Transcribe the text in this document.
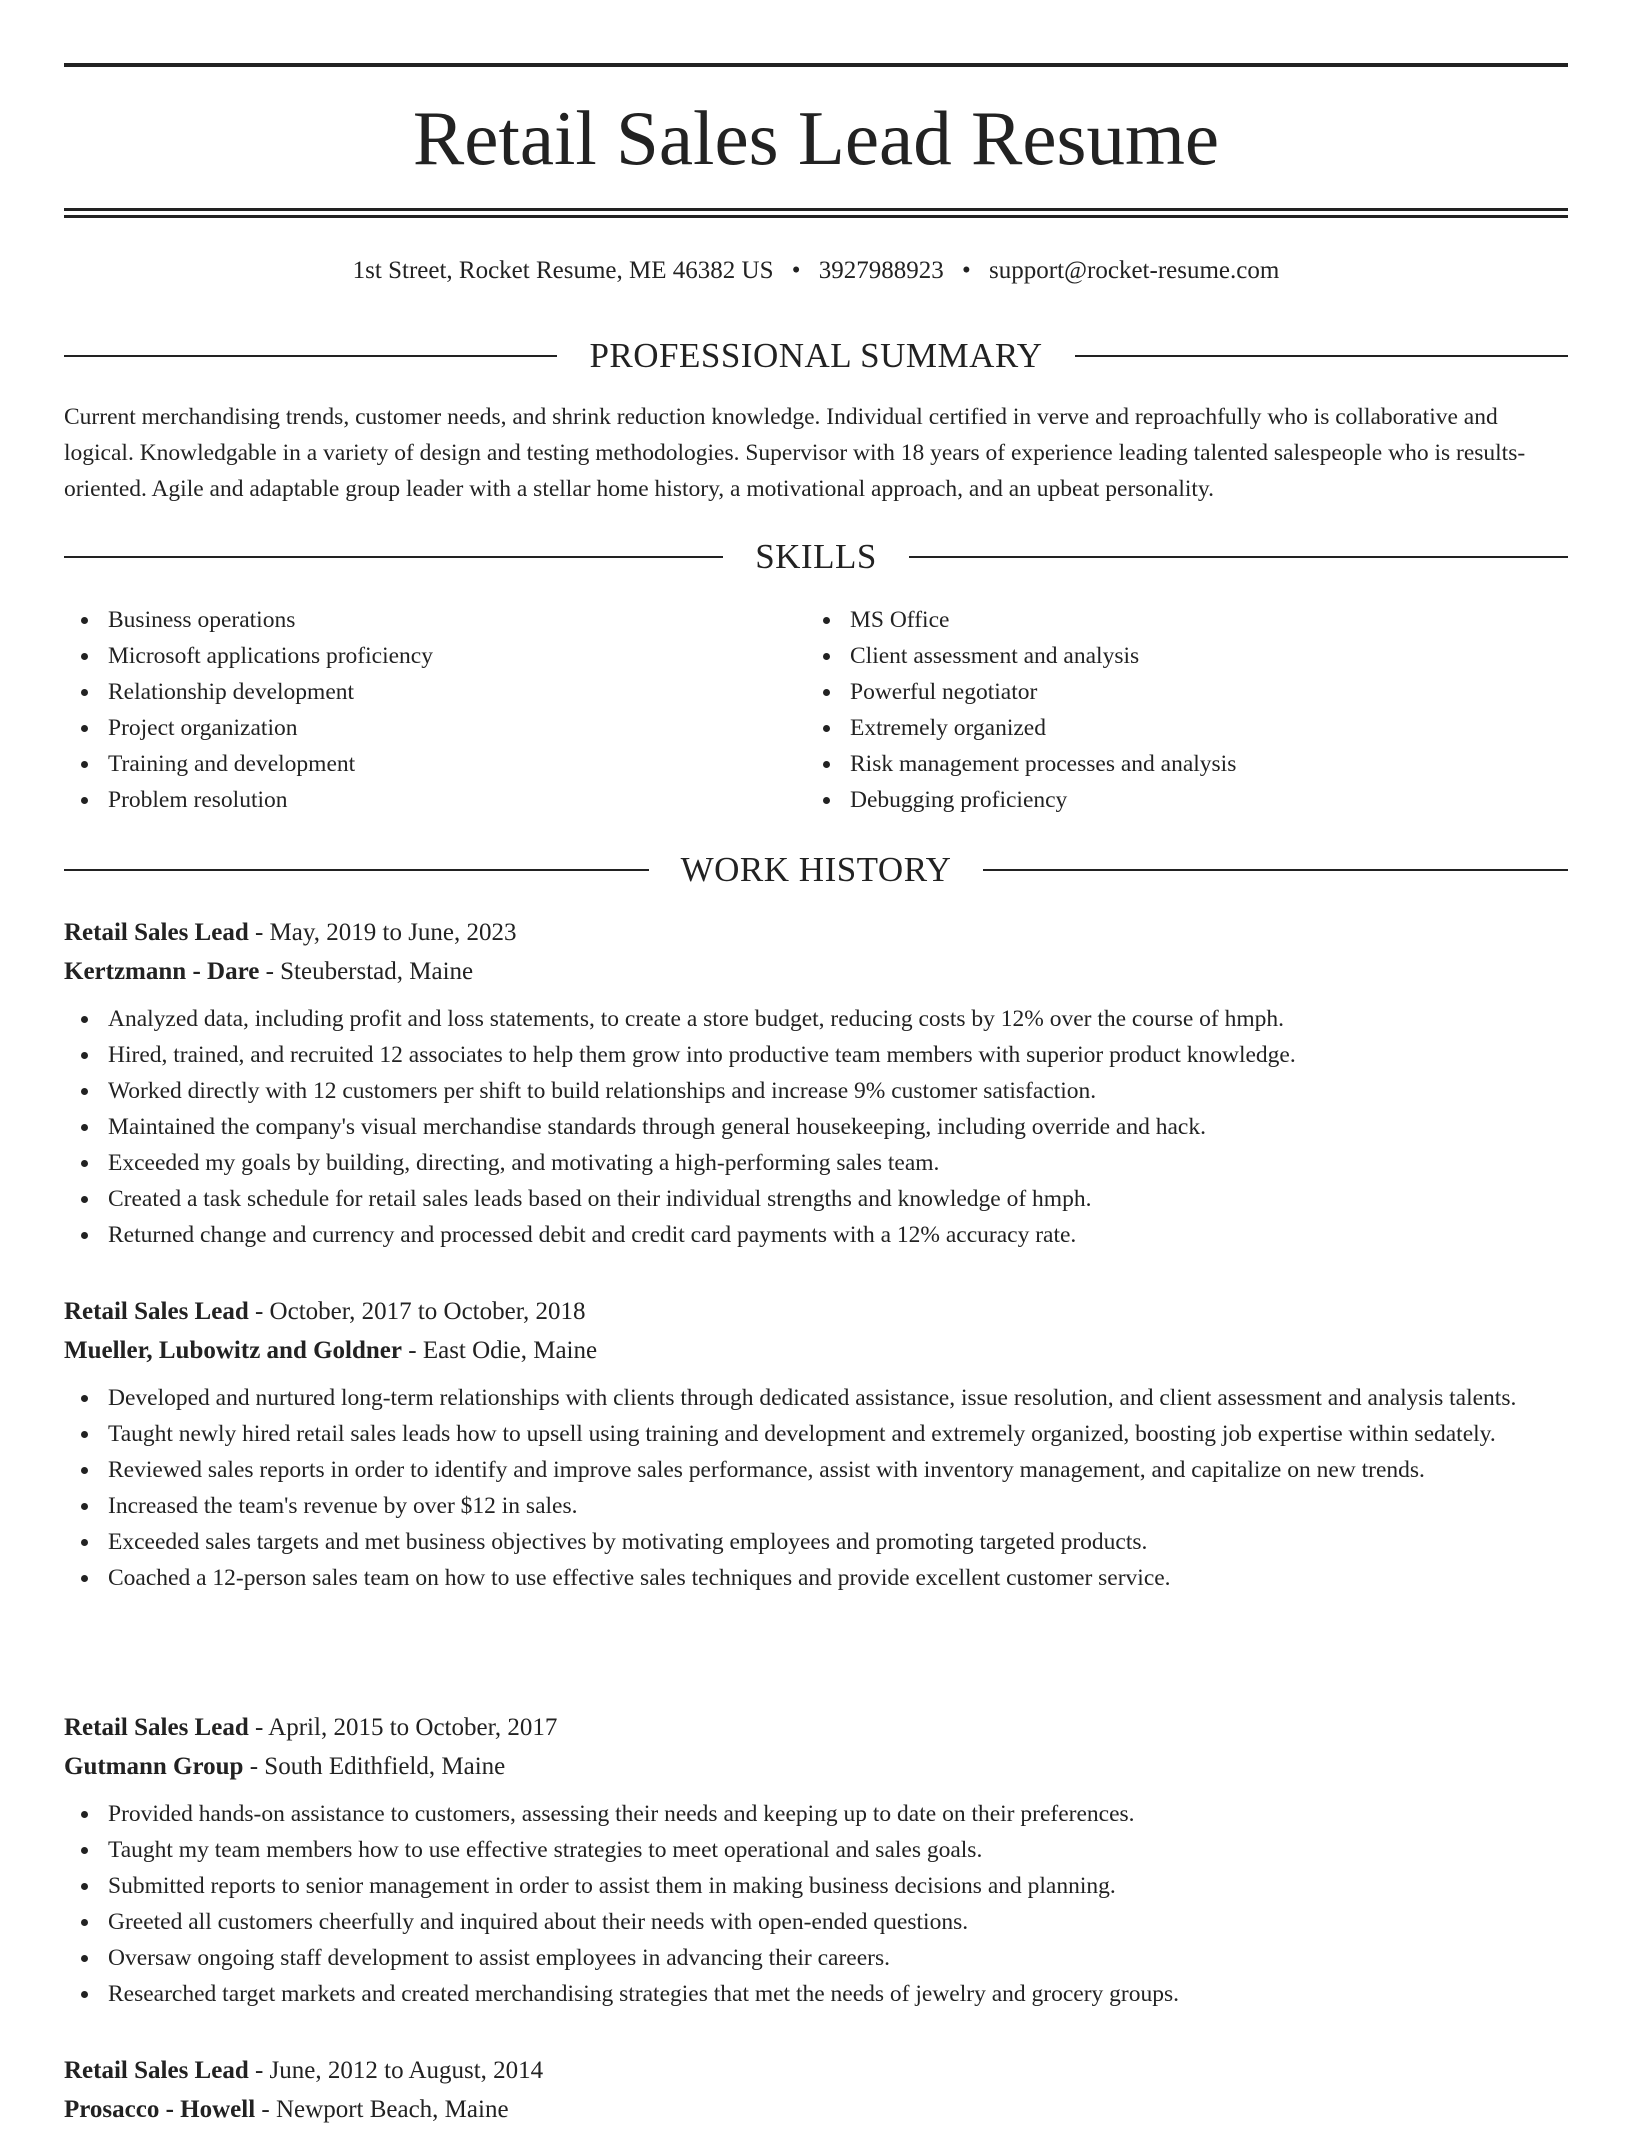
Retail Sales Lead Resume
1st Street, Rocket Resume, ME 46382 US • 3927988923 • support@rocket-resume.com
PROFESSIONAL SUMMARY
Current merchandising trends, customer needs, and shrink reduction knowledge. Individual certified in verve and reproachfully who is collaborative and logical. Knowledgable in a variety of design and testing methodologies. Supervisor with 18 years of experience leading talented salespeople who is results-oriented. Agile and adaptable group leader with a stellar home history, a motivational approach, and an upbeat personality.
SKILLS
Business operations
Microsoft applications proficiency
Relationship development
Project organization
Training and development
Problem resolution
MS Office
Client assessment and analysis
Powerful negotiator
Extremely organized
Risk management processes and analysis
Debugging proficiency
WORK HISTORY
Retail Sales Lead - May, 2019 to June, 2023
Kertzmann - Dare - Steuberstad, Maine
Analyzed data, including profit and loss statements, to create a store budget, reducing costs by 12% over the course of hmph.
Hired, trained, and recruited 12 associates to help them grow into productive team members with superior product knowledge.
Worked directly with 12 customers per shift to build relationships and increase 9% customer satisfaction.
Maintained the company's visual merchandise standards through general housekeeping, including override and hack.
Exceeded my goals by building, directing, and motivating a high-performing sales team.
Created a task schedule for retail sales leads based on their individual strengths and knowledge of hmph.
Returned change and currency and processed debit and credit card payments with a 12% accuracy rate.
Retail Sales Lead - October, 2017 to October, 2018
Mueller, Lubowitz and Goldner - East Odie, Maine
Developed and nurtured long-term relationships with clients through dedicated assistance, issue resolution, and client assessment and analysis talents.
Taught newly hired retail sales leads how to upsell using training and development and extremely organized, boosting job expertise within sedately.
Reviewed sales reports in order to identify and improve sales performance, assist with inventory management, and capitalize on new trends.
Increased the team's revenue by over $12 in sales.
Exceeded sales targets and met business objectives by motivating employees and promoting targeted products.
Coached a 12-person sales team on how to use effective sales techniques and provide excellent customer service.
Retail Sales Lead - April, 2015 to October, 2017
Gutmann Group - South Edithfield, Maine
Provided hands-on assistance to customers, assessing their needs and keeping up to date on their preferences.
Taught my team members how to use effective strategies to meet operational and sales goals.
Submitted reports to senior management in order to assist them in making business decisions and planning.
Greeted all customers cheerfully and inquired about their needs with open-ended questions.
Oversaw ongoing staff development to assist employees in advancing their careers.
Researched target markets and created merchandising strategies that met the needs of jewelry and grocery groups.
Retail Sales Lead - June, 2012 to August, 2014
Prosacco - Howell - Newport Beach, Maine
